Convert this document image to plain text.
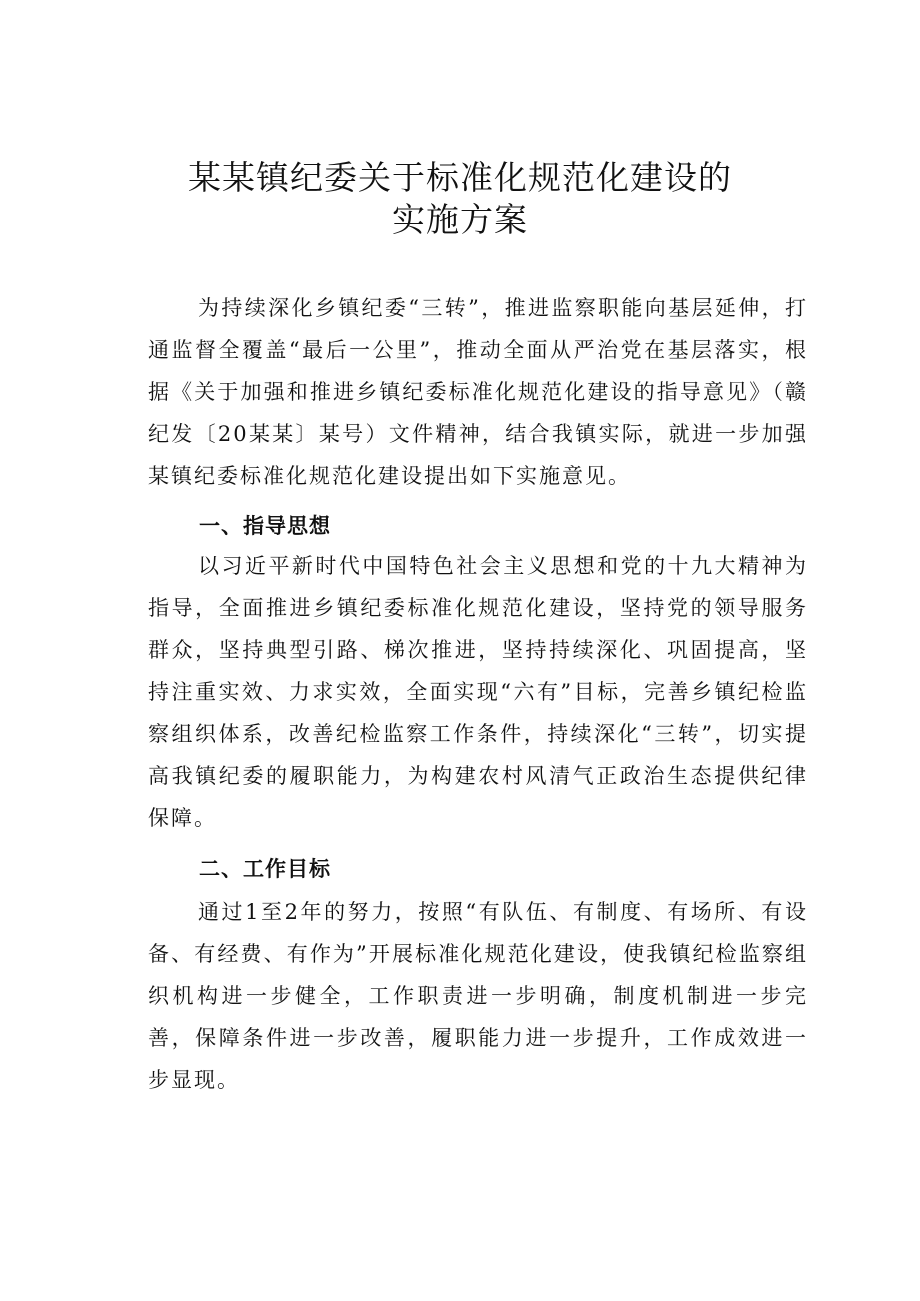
某某镇纪委关于标准化规范化建设的
实施方案

为持续深化乡镇纪委“三转”，推进监察职能向基层延伸，打通监督全覆盖“最后一公里”，推动全面从严治党在基层落实，根据《关于加强和推进乡镇纪委标准化规范化建设的指导意见》（赣纪发〔20某某〕某号）文件精神，结合我镇实际，就进一步加强某镇纪委标准化规范化建设提出如下实施意见。

一、指导思想

以习近平新时代中国特色社会主义思想和党的十九大精神为指导，全面推进乡镇纪委标准化规范化建设，坚持党的领导服务群众，坚持典型引路、梯次推进，坚持持续深化、巩固提高，坚持注重实效、力求实效，全面实现“六有”目标，完善乡镇纪检监察组织体系，改善纪检监察工作条件，持续深化“三转”，切实提高我镇纪委的履职能力，为构建农村风清气正政治生态提供纪律保障。

二、工作目标

通过1至2年的努力，按照“有队伍、有制度、有场所、有设备、有经费、有作为”开展标准化规范化建设，使我镇纪检监察组织机构进一步健全，工作职责进一步明确，制度机制进一步完善，保障条件进一步改善，履职能力进一步提升，工作成效进一步显现。
